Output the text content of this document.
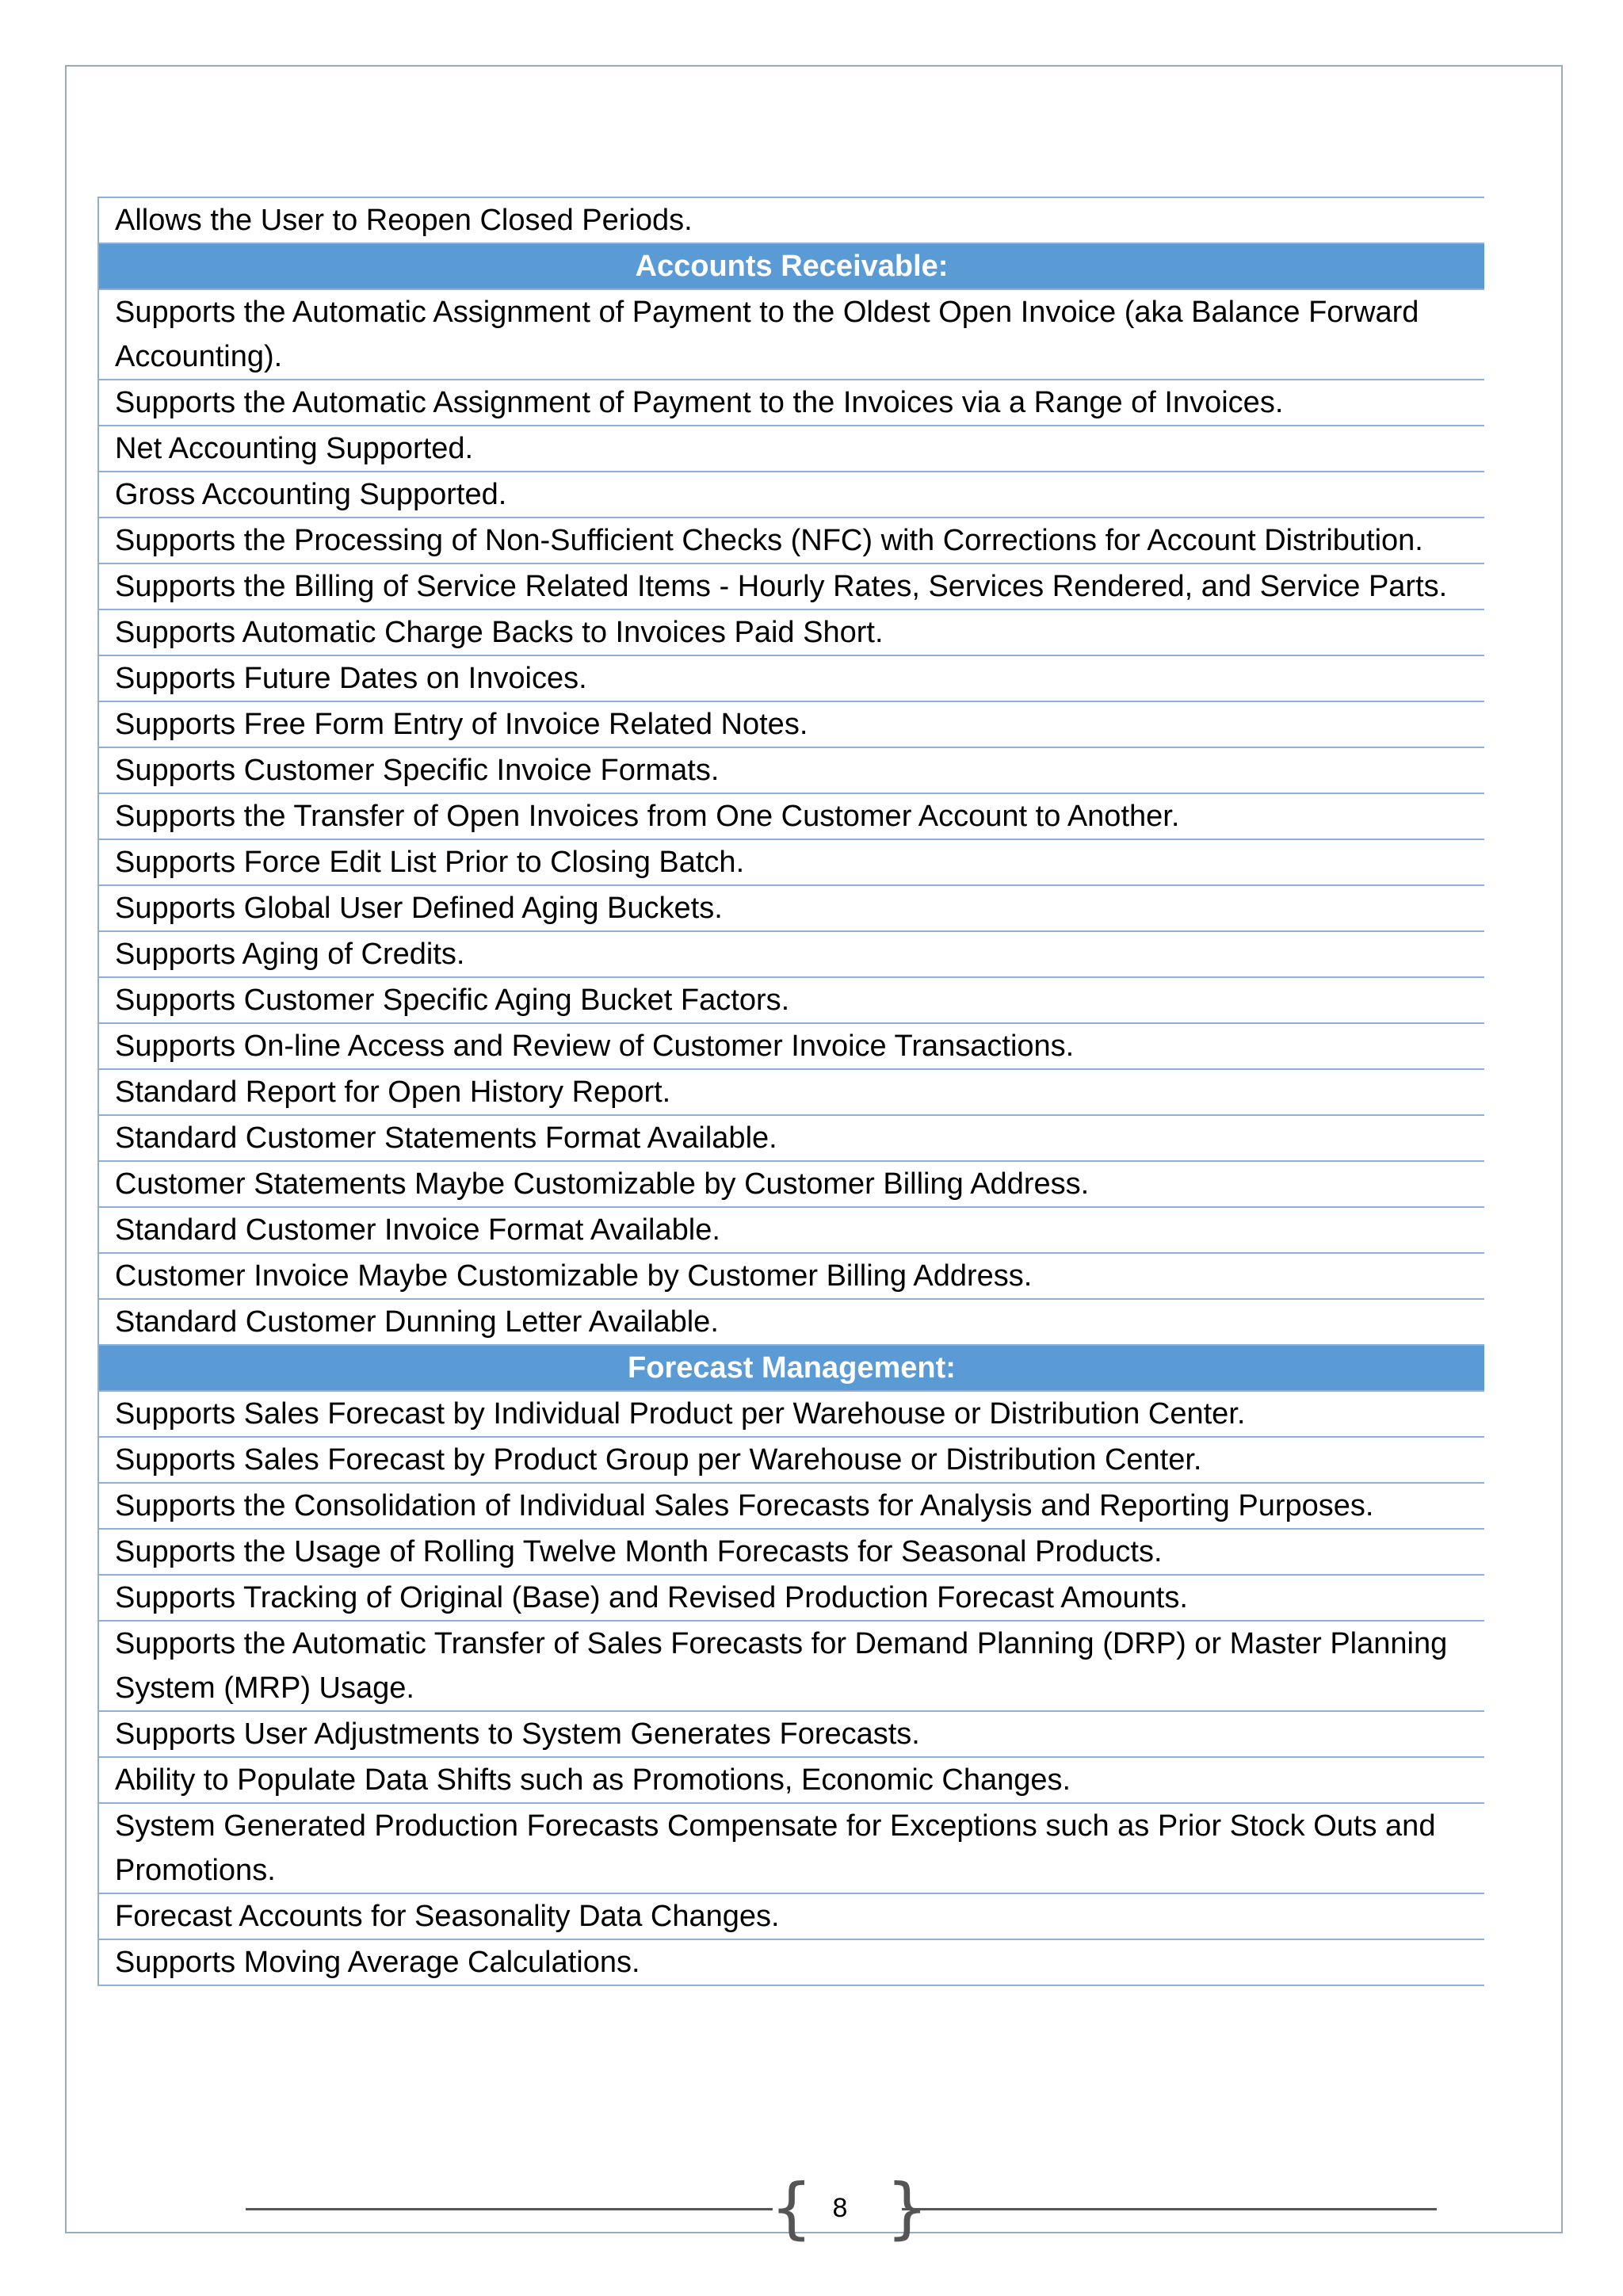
Allows the User to Reopen Closed Periods.
Accounts Receivable:
Supports the Automatic Assignment of Payment to the Oldest Open Invoice (aka Balance Forward Accounting).
Supports the Automatic Assignment of Payment to the Invoices via a Range of Invoices.
Net Accounting Supported.
Gross Accounting Supported.
Supports the Processing of Non-Sufficient Checks (NFC) with Corrections for Account Distribution.
Supports the Billing of Service Related Items - Hourly Rates, Services Rendered, and Service Parts.
Supports Automatic Charge Backs to Invoices Paid Short.
Supports Future Dates on Invoices.
Supports Free Form Entry of Invoice Related Notes.
Supports Customer Specific Invoice Formats.
Supports the Transfer of Open Invoices from One Customer Account to Another.
Supports Force Edit List Prior to Closing Batch.
Supports Global User Defined Aging Buckets.
Supports Aging of Credits.
Supports Customer Specific Aging Bucket Factors.
Supports On-line Access and Review of Customer Invoice Transactions.
Standard Report for Open History Report.
Standard Customer Statements Format Available.
Customer Statements Maybe Customizable by Customer Billing Address.
Standard Customer Invoice Format Available.
Customer Invoice Maybe Customizable by Customer Billing Address.
Standard Customer Dunning Letter Available.
Forecast Management:
Supports Sales Forecast by Individual Product per Warehouse or Distribution Center.
Supports Sales Forecast by Product Group per Warehouse or Distribution Center.
Supports the Consolidation of Individual Sales Forecasts for Analysis and Reporting Purposes.
Supports the Usage of Rolling Twelve Month Forecasts for Seasonal Products.
Supports Tracking of Original (Base) and Revised Production Forecast Amounts.
Supports the Automatic Transfer of Sales Forecasts for Demand Planning (DRP) or Master Planning System (MRP) Usage.
Supports User Adjustments to System Generates Forecasts.
Ability to Populate Data Shifts such as Promotions, Economic Changes.
System Generated Production Forecasts Compensate for Exceptions such as Prior Stock Outs and Promotions.
Forecast Accounts for Seasonality Data Changes.
Supports Moving Average Calculations.
{ 8 }
